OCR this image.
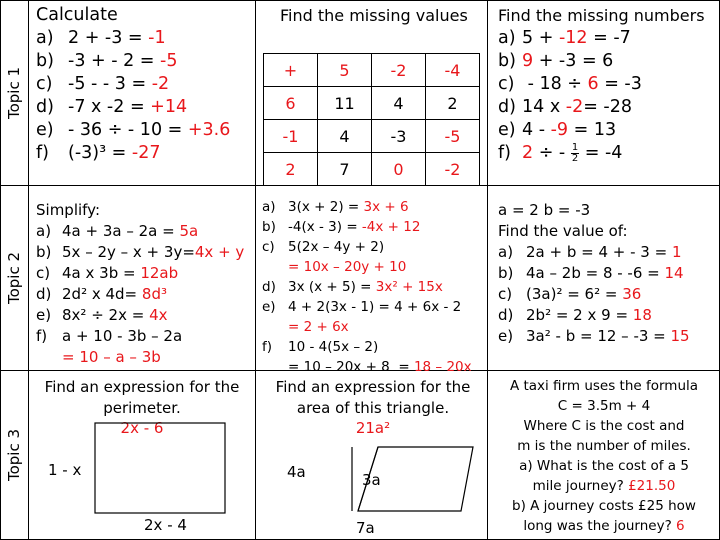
Topic 1
Topic 2
Topic 3
Calculate
a) 2 + -3 = -1
b) -3 + - 2 = -5
c) -5 - - 3 = -2
d) -7 x -2 = +14
e) - 36 ÷ - 10 = +3.6
f) (-3)³ = -27
Find the missing values
+	5	-2	-4
6	11	4	2
-1	4	-3	-5
2	7	0	-2
Find the missing numbers
a) 5 + -12 = -7
b) 9 + -3 = 6
c) - 18 ÷ 6 = -3
d) 14 x -2= -28
e) 4 - -9 = 13
f) 2 ÷ - $\frac{1}{2} = -4$
Simplify:
a) 4a + 3a – 2a = 5a
b) 5x – 2y – x + 3y=4x + y
c) 4a x 3b = 12ab
d) 2d² x 4d= 8d³
e) 8x² ÷ 2x = 4x
f) a + 10 - 3b – 2a
= 10 – a – 3b
a) 3(x + 2) = 3x + 6
b) -4(x - 3) = -4x + 12
c) 5(2x – 4y + 2)
= 10x – 20y + 10
d) 3x (x + 5) = 3x² + 15x
e) 4 + 2(3x - 1) = 4 + 6x - 2
= 2 + 6x
f) 10 - 4(5x – 2)
= 10 – 20x + 8  = 18 – 20x
a = 2 b = -3
Find the value of:
a) 2a + b = 4 + - 3 = 1
b) 4a – 2b = 8 - -6 = 14
c) (3a)² = 6² = 36
d) 2b² = 2 x 9 = 18
e) 3a² - b = 12 – -3 = 15
Find an expression for the
perimeter.
2x - 6
1 - x
2x - 4
Find an expression for the
area of this triangle.
21a²
4a	3a
7a
A taxi firm uses the formula
C = 3.5m + 4
Where C is the cost and
m is the number of miles.
a) What is the cost of a 5
mile journey? £21.50
b) A journey costs £25 how
long was the journey? 6
